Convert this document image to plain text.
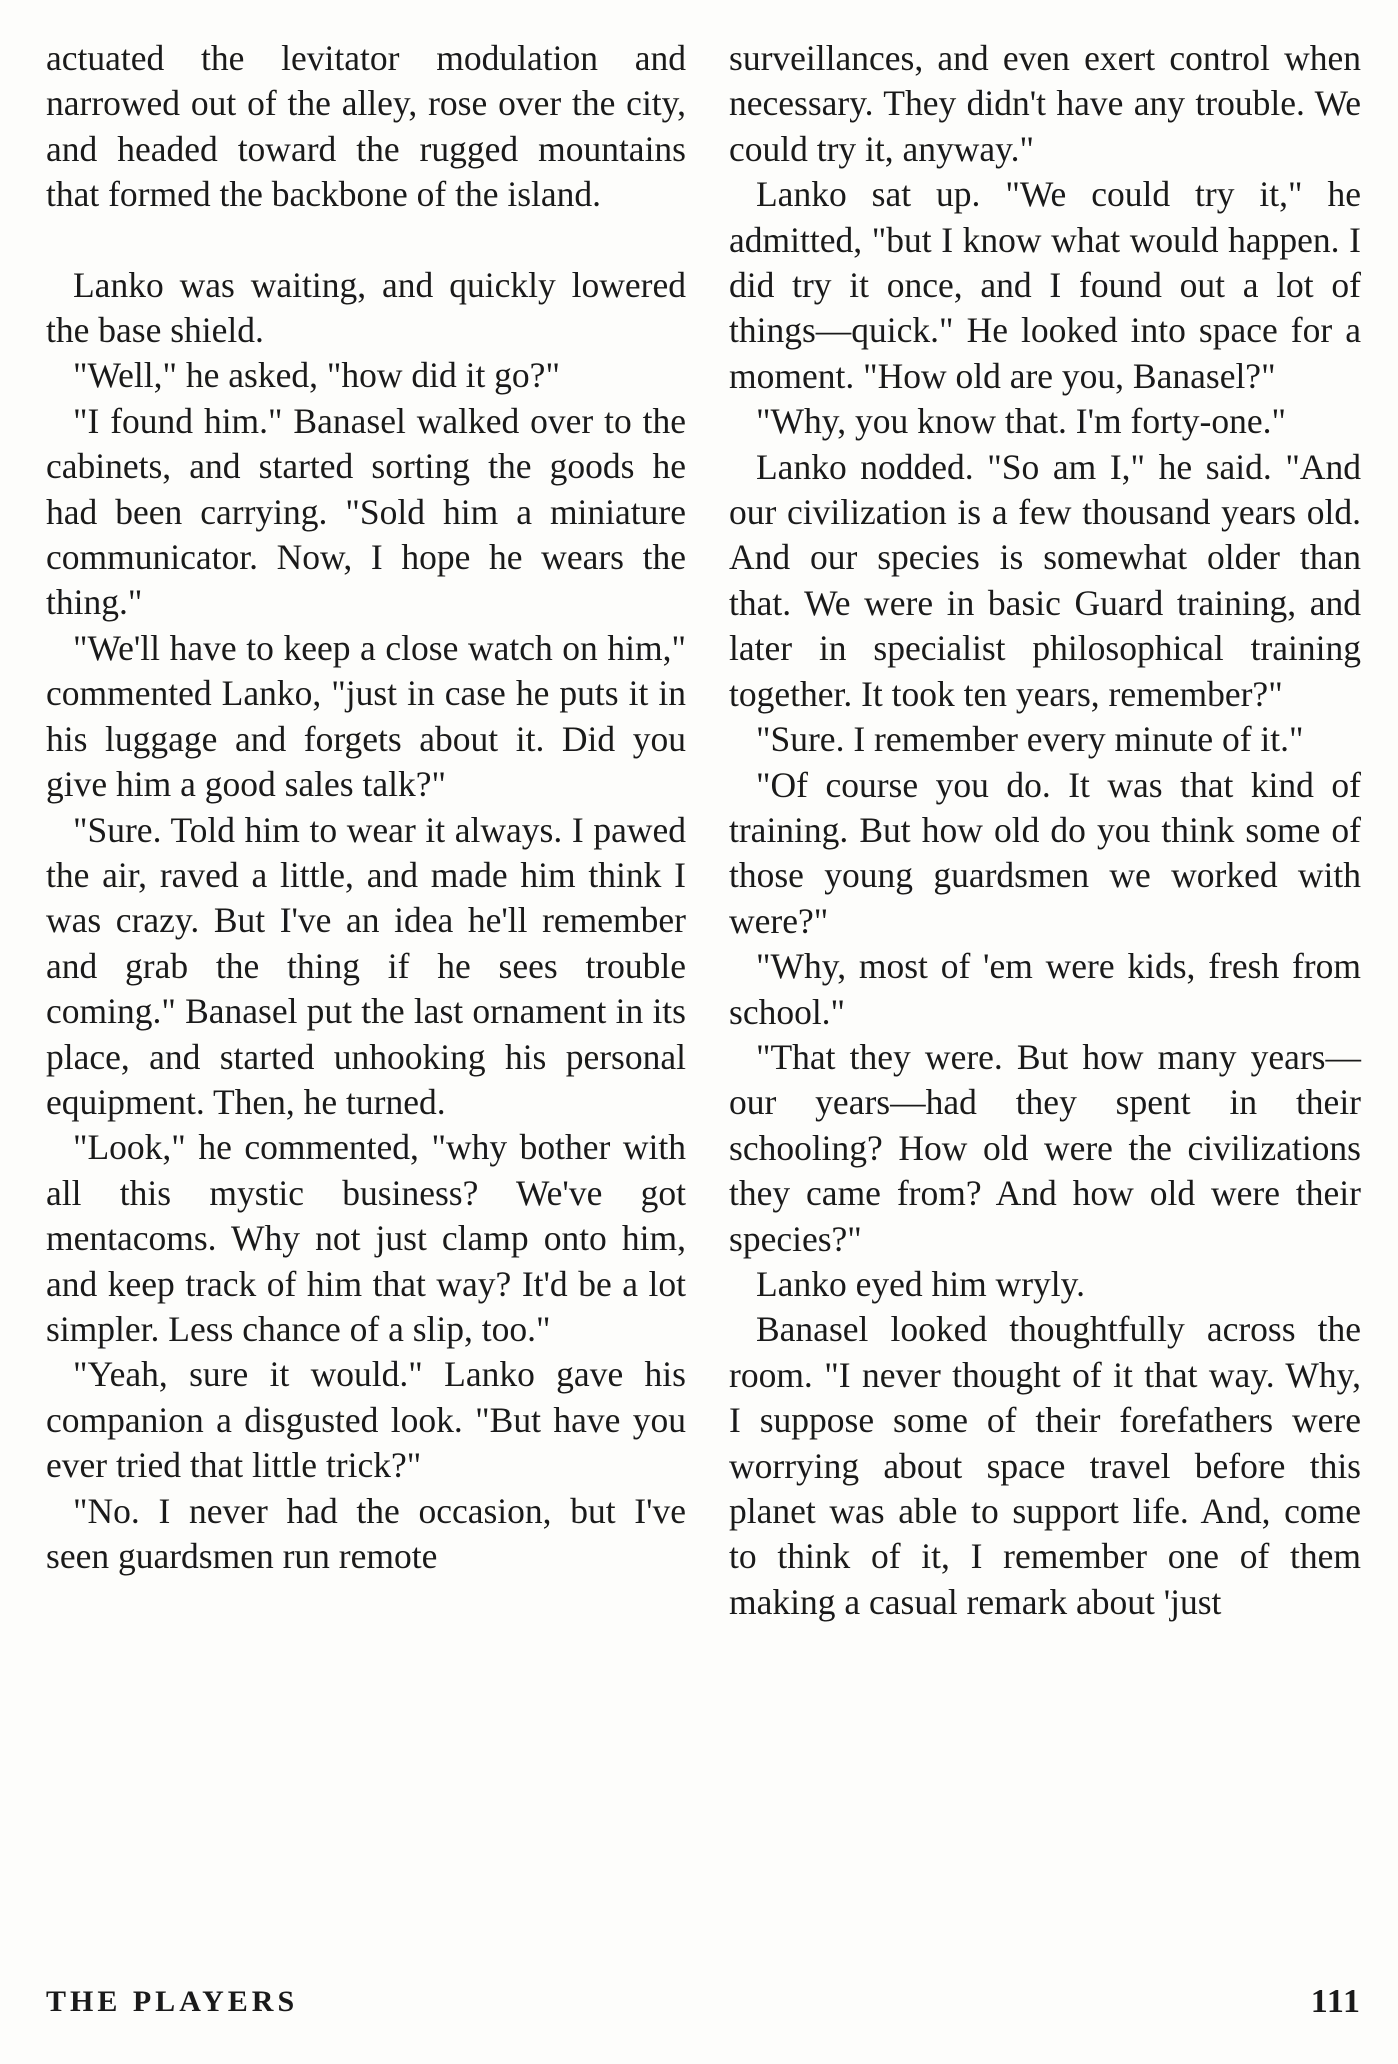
actuated the levitator modulation and narrowed out of the alley, rose over the city, and headed toward the rugged mountains that formed the backbone of the island.

Lanko was waiting, and quickly lowered the base shield.

"Well," he asked, "how did it go?"

"I found him." Banasel walked over to the cabinets, and started sorting the goods he had been carrying. "Sold him a miniature communicator. Now, I hope he wears the thing."

"We'll have to keep a close watch on him," commented Lanko, "just in case he puts it in his luggage and forgets about it. Did you give him a good sales talk?"

"Sure. Told him to wear it always. I pawed the air, raved a little, and made him think I was crazy. But I've an idea he'll remember and grab the thing if he sees trouble coming." Banasel put the last ornament in its place, and started unhooking his personal equipment. Then, he turned.

"Look," he commented, "why bother with all this mystic business? We've got mentacoms. Why not just clamp onto him, and keep track of him that way? It'd be a lot simpler. Less chance of a slip, too."

"Yeah, sure it would." Lanko gave his companion a disgusted look. "But have you ever tried that little trick?"

"No. I never had the occasion, but I've seen guardsmen run remote

surveillances, and even exert control when necessary. They didn't have any trouble. We could try it, anyway."

Lanko sat up. "We could try it," he admitted, "but I know what would happen. I did try it once, and I found out a lot of things—quick." He looked into space for a moment. "How old are you, Banasel?"

"Why, you know that. I'm forty-one."

Lanko nodded. "So am I," he said. "And our civilization is a few thousand years old. And our species is somewhat older than that. We were in basic Guard training, and later in specialist philosophical training together. It took ten years, remember?"

"Sure. I remember every minute of it."

"Of course you do. It was that kind of training. But how old do you think some of those young guardsmen we worked with were?"

"Why, most of 'em were kids, fresh from school."

"That they were. But how many years—our years—had they spent in their schooling? How old were the civilizations they came from? And how old were their species?"

Lanko eyed him wryly.

Banasel looked thoughtfully across the room. "I never thought of it that way. Why, I suppose some of their forefathers were worrying about space travel before this planet was able to support life. And, come to think of it, I remember one of them making a casual remark about 'just

THE PLAYERS	111
